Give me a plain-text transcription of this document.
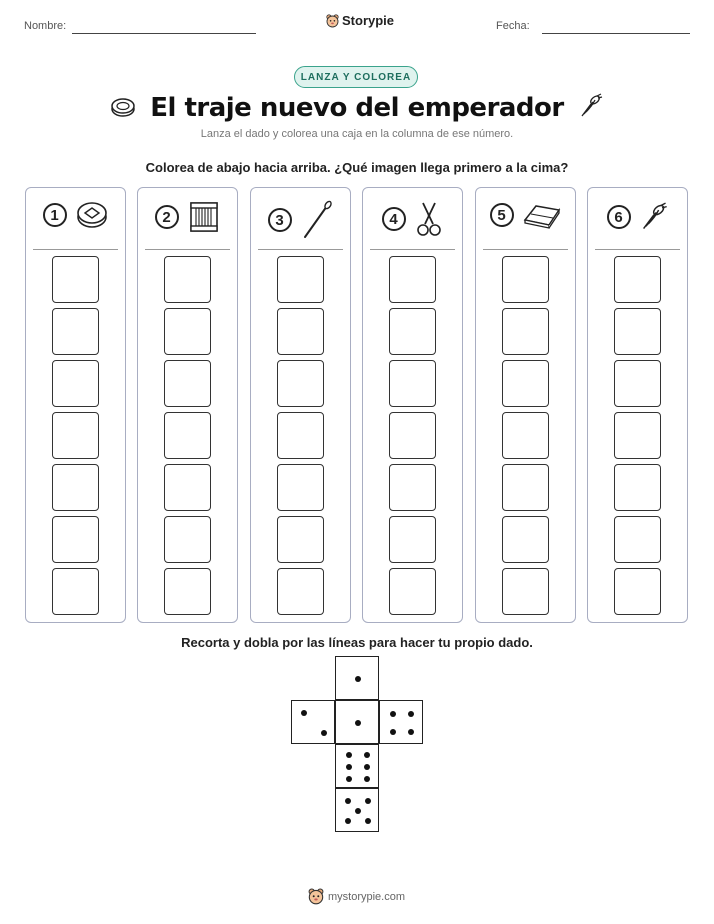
Nombre:	Storypie	Fecha:
LANZA Y COLOREA
El traje nuevo del emperador
Lanza el dado y colorea una caja en la columna de ese número.
Colorea de abajo hacia arriba. ¿Qué imagen llega primero a la cima?
1	2	3	4	5	6
Recorta y dobla por las líneas para hacer tu propio dado.
mystorypie.com
